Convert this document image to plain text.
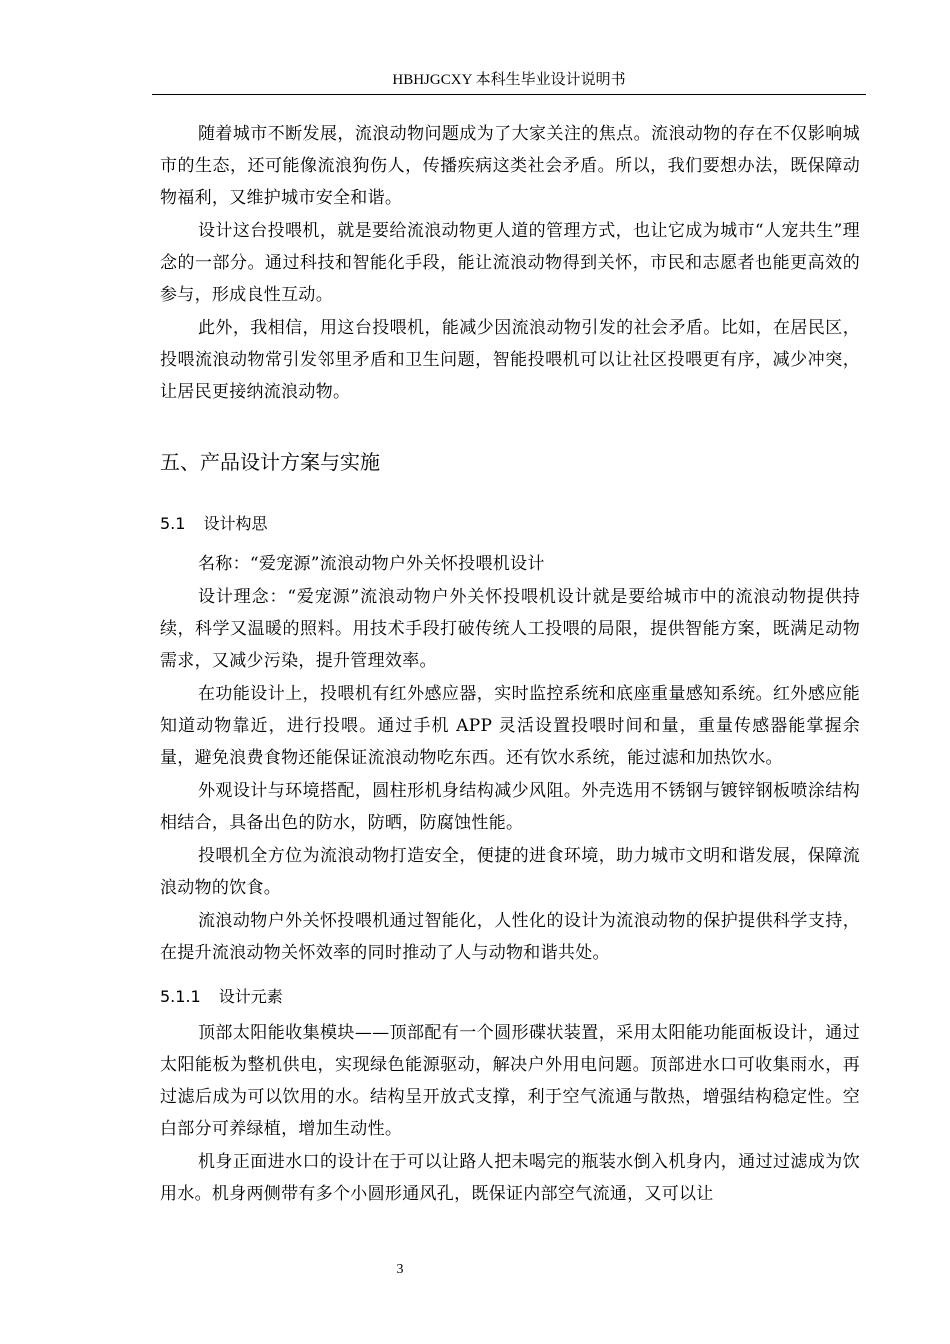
HBHJGCXY 本科生毕业设计说明书

随着城市不断发展，流浪动物问题成为了大家关注的焦点。流浪动物的存在不仅影响城市的生态，还可能像流浪狗伤人，传播疾病这类社会矛盾。所以，我们要想办法，既保障动物福利，又维护城市安全和谐。

设计这台投喂机，就是要给流浪动物更人道的管理方式，也让它成为城市“人宠共生”理念的一部分。通过科技和智能化手段，能让流浪动物得到关怀，市民和志愿者也能更高效的参与，形成良性互动。

此外，我相信，用这台投喂机，能减少因流浪动物引发的社会矛盾。比如，在居民区，投喂流浪动物常引发邻里矛盾和卫生问题，智能投喂机可以让社区投喂更有序，减少冲突，让居民更接纳流浪动物。

五、产品设计方案与实施
5.1 设计构思

名称：“爱宠源”流浪动物户外关怀投喂机设计

设计理念：“爱宠源”流浪动物户外关怀投喂机设计就是要给城市中的流浪动物提供持续，科学又温暖的照料。用技术手段打破传统人工投喂的局限，提供智能方案，既满足动物需求，又减少污染，提升管理效率。

在功能设计上，投喂机有红外感应器，实时监控系统和底座重量感知系统。红外感应能知道动物靠近，进行投喂。通过手机 APP 灵活设置投喂时间和量，重量传感器能掌握余量，避免浪费食物还能保证流浪动物吃东西。还有饮水系统，能过滤和加热饮水。

外观设计与环境搭配，圆柱形机身结构减少风阻。外壳选用不锈钢与镀锌钢板喷涂结构相结合，具备出色的防水，防晒，防腐蚀性能。

投喂机全方位为流浪动物打造安全，便捷的进食环境，助力城市文明和谐发展，保障流浪动物的饮食。

流浪动物户外关怀投喂机通过智能化，人性化的设计为流浪动物的保护提供科学支持，在提升流浪动物关怀效率的同时推动了人与动物和谐共处。

5.1.1 设计元素

顶部太阳能收集模块——顶部配有一个圆形碟状装置，采用太阳能功能面板设计，通过太阳能板为整机供电，实现绿色能源驱动，解决户外用电问题。顶部进水口可收集雨水，再过滤后成为可以饮用的水。结构呈开放式支撑，利于空气流通与散热，增强结构稳定性。空白部分可养绿植，增加生动性。

机身正面进水口的设计在于可以让路人把未喝完的瓶装水倒入机身内，通过过滤成为饮用水。机身两侧带有多个小圆形通风孔，既保证内部空气流通，又可以让

3
